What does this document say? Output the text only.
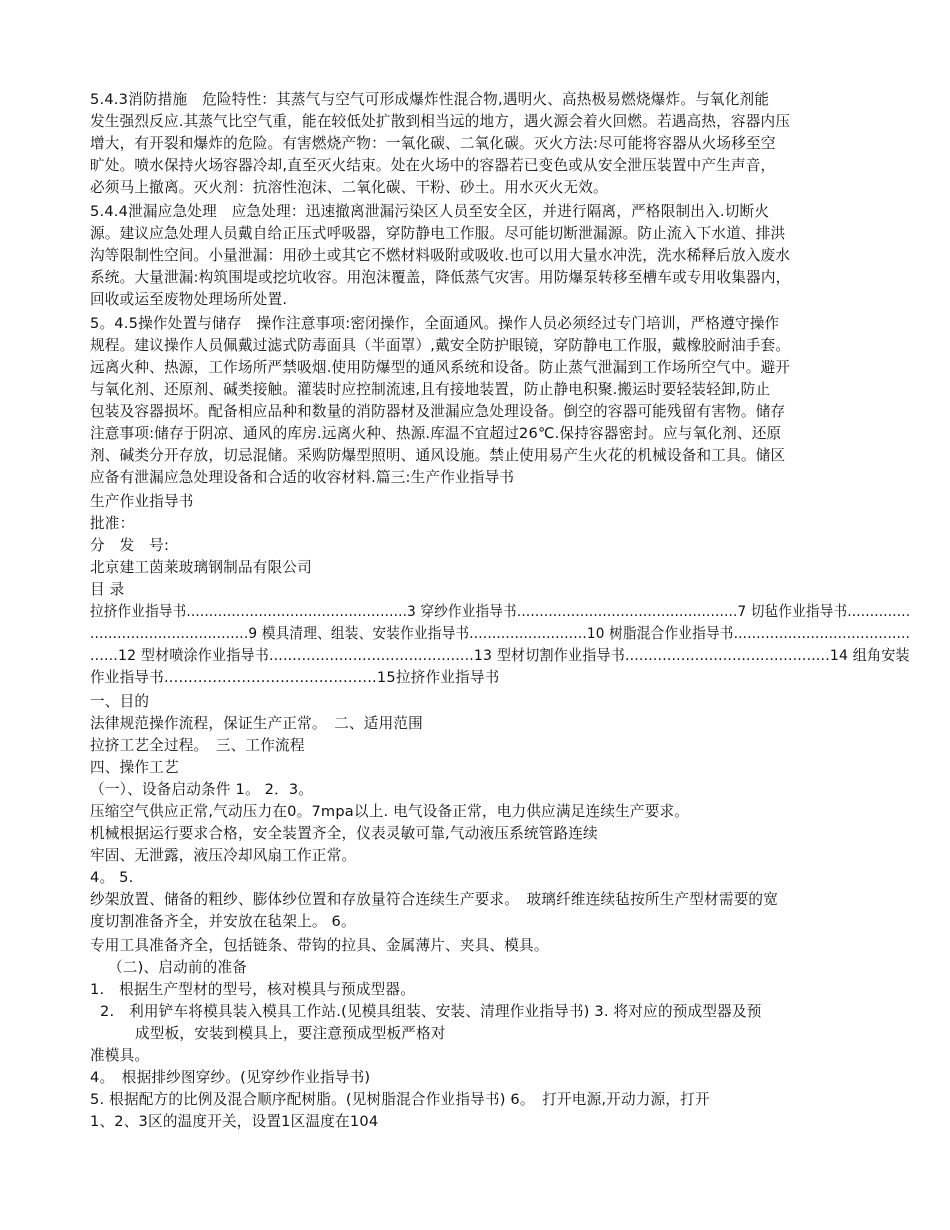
5.4.3消防措施　危险特性：其蒸气与空气可形成爆炸性混合物,遇明火、高热极易燃烧爆炸。与氧化剂能
发生强烈反应.其蒸气比空气重，能在较低处扩散到相当远的地方，遇火源会着火回燃。若遇高热，容器内压
增大，有开裂和爆炸的危险。有害燃烧产物：一氧化碳、二氧化碳。灭火方法:尽可能将容器从火场移至空
旷处。喷水保持火场容器冷却,直至灭火结束。处在火场中的容器若已变色或从安全泄压装置中产生声音，
必须马上撤离。灭火剂：抗溶性泡沫、二氧化碳、干粉、砂土。用水灭火无效。
5.4.4泄漏应急处理　应急处理：迅速撤离泄漏污染区人员至安全区，并进行隔离，严格限制出入.切断火
源。建议应急处理人员戴自给正压式呼吸器，穿防静电工作服。尽可能切断泄漏源。防止流入下水道、排洪
沟等限制性空间。小量泄漏：用砂土或其它不燃材料吸附或吸收.也可以用大量水冲洗，洗水稀释后放入废水
系统。大量泄漏:构筑围堤或挖坑收容。用泡沫覆盖，降低蒸气灾害。用防爆泵转移至槽车或专用收集器内，
回收或运至废物处理场所处置.
5。4.5操作处置与储存　操作注意事项:密闭操作，全面通风。操作人员必须经过专门培训，严格遵守操作
规程。建议操作人员佩戴过滤式防毒面具（半面罩）,戴安全防护眼镜，穿防静电工作服，戴橡胶耐油手套。
远离火种、热源，工作场所严禁吸烟.使用防爆型的通风系统和设备。防止蒸气泄漏到工作场所空气中。避开
与氧化剂、还原剂、碱类接触。灌装时应控制流速,且有接地装置，防止静电积聚.搬运时要轻装轻卸,防止
包装及容器损坏。配备相应品种和数量的消防器材及泄漏应急处理设备。倒空的容器可能残留有害物。储存
注意事项:储存于阴凉、通风的库房.远离火种、热源.库温不宜超过26℃.保持容器密封。应与氧化剂、还原
剂、碱类分开存放，切忌混储。采购防爆型照明、通风设施。禁止使用易产生火花的机械设备和工具。储区
应备有泄漏应急处理设备和合适的收容材料.篇三:生产作业指导书
生产作业指导书
批准：
分　发　号:
北京建工茵莱玻璃钢制品有限公司
目 录
拉挤作业指导书.................................................3 穿纱作业指导书.................................................7 切毡作业指导书..............
...................................9 模具清理、组装、安装作业指导书..........................10 树脂混合作业指导书.......................................
......12 型材喷涂作业指导书............................................13 型材切割作业指导书............................................14 组角安装
作业指导书............................................15拉挤作业指导书
一、目的
法律规范操作流程，保证生产正常。　二、适用范围
拉挤工艺全过程。　三、工作流程
四、操作工艺
（一）、设备启动条件 1。 2．3。
压缩空气供应正常,气动压力在0。7mpa以上. 电气设备正常，电力供应满足连续生产要求。
机械根据运行要求合格，安全装置齐全，仪表灵敏可靠,气动液压系统管路连续
牢固、无泄露，液压冷却风扇工作正常。
4。 5.
纱架放置、储备的粗纱、膨体纱位置和存放量符合连续生产要求。　玻璃纤维连续毡按所生产型材需要的宽
度切割准备齐全，并安放在毡架上。 6。
专用工具准备齐全，包括链条、带钩的拉具、金属薄片、夹具、模具。
（二)、启动前的准备
1.　根据生产型材的型号，核对模具与预成型器。
2.　利用铲车将模具装入模具工作站.(见模具组装、安装、清理作业指导书) 3. 将对应的预成型器及预
成型板，安装到模具上，要注意预成型板严格对
准模具。
4。　根据排纱图穿纱。(见穿纱作业指导书)
5. 根据配方的比例及混合顺序配树脂。(见树脂混合作业指导书) 6。　打开电源,开动力源，打开
1、2、3区的温度开关，设置1区温度在104
